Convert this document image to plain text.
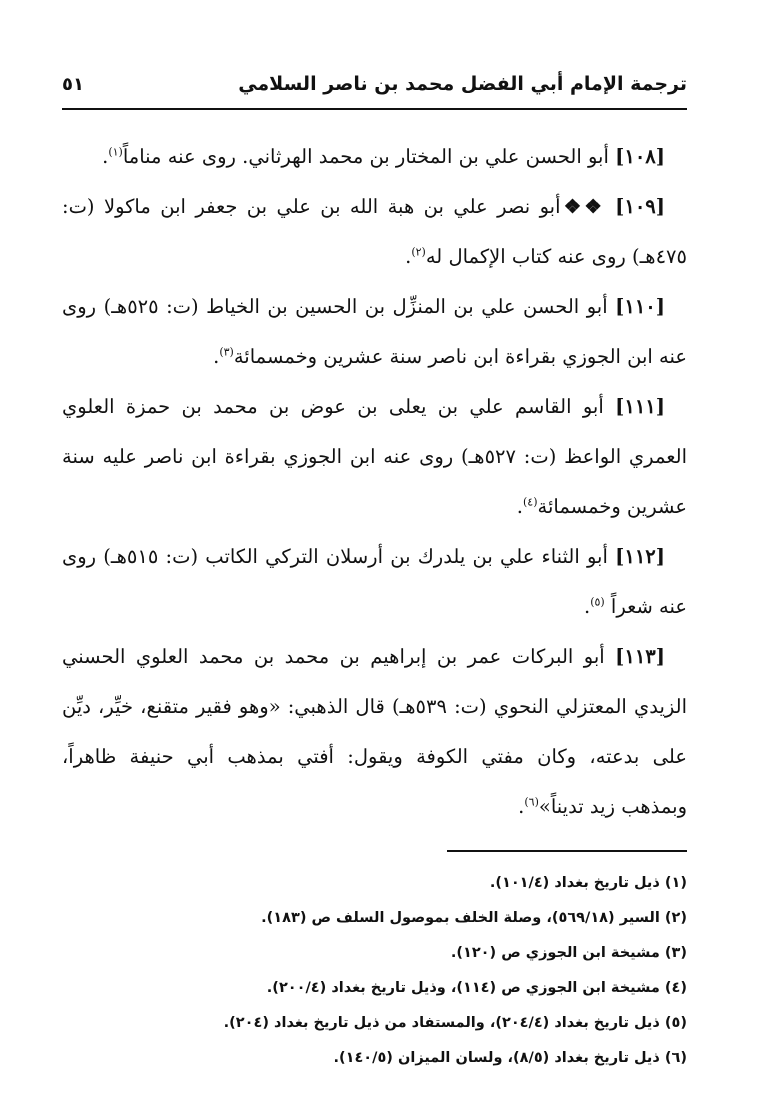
ترجمة الإمام أبي الفضل محمد بن ناصر السلامي
٥١

[١٠٨] أبو الحسن علي بن المختار بن محمد الهرثاني. روى عنه مناماً$^{(١)}$.

[١٠٩] ❖❖أبو نصر علي بن هبة الله بن علي بن جعفر ابن ماكولا (ت: ٤٧٥هـ) روى عنه كتاب الإكمال له$^{(٢)}$.

[١١٠] أبو الحسن علي بن المنزِّل بن الحسين بن الخياط (ت: ٥٢٥هـ) روى عنه ابن الجوزي بقراءة ابن ناصر سنة عشرين وخمسمائة$^{(٣)}$.

[١١١] أبو القاسم علي بن يعلى بن عوض بن محمد بن حمزة العلوي العمري الواعظ (ت: ٥٢٧هـ) روى عنه ابن الجوزي بقراءة ابن ناصر عليه سنة عشرين وخمسمائة$^{(٤)}$.

[١١٢] أبو الثناء علي بن يلدرك بن أرسلان التركي الكاتب (ت: ٥١٥هـ) روى عنه شعراً $^{(٥)}$.

[١١٣] أبو البركات عمر بن إبراهيم بن محمد بن محمد العلوي الحسني الزيدي المعتزلي النحوي (ت: ٥٣٩هـ) قال الذهبي: «وهو فقير متقنع، خيِّر، ديِّن على بدعته، وكان مفتي الكوفة ويقول: أفتي بمذهب أبي حنيفة ظاهراً، وبمذهب زيد تديناً»$^{(٦)}$.

(١) ذيل تاريخ بغداد (١٠١/٤).

(٢) السير (٥٦٩/١٨)، وصلة الخلف بموصول السلف ص (١٨٣).

(٣) مشيخة ابن الجوزي ص (١٢٠).

(٤) مشيخة ابن الجوزي ص (١١٤)، وذيل تاريخ بغداد (٢٠٠/٤).

(٥) ذيل تاريخ بغداد (٢٠٤/٤)، والمستفاد من ذيل تاريخ بغداد (٢٠٤).

(٦) ذيل تاريخ بغداد (٨/٥)، ولسان الميزان (١٤٠/٥).
